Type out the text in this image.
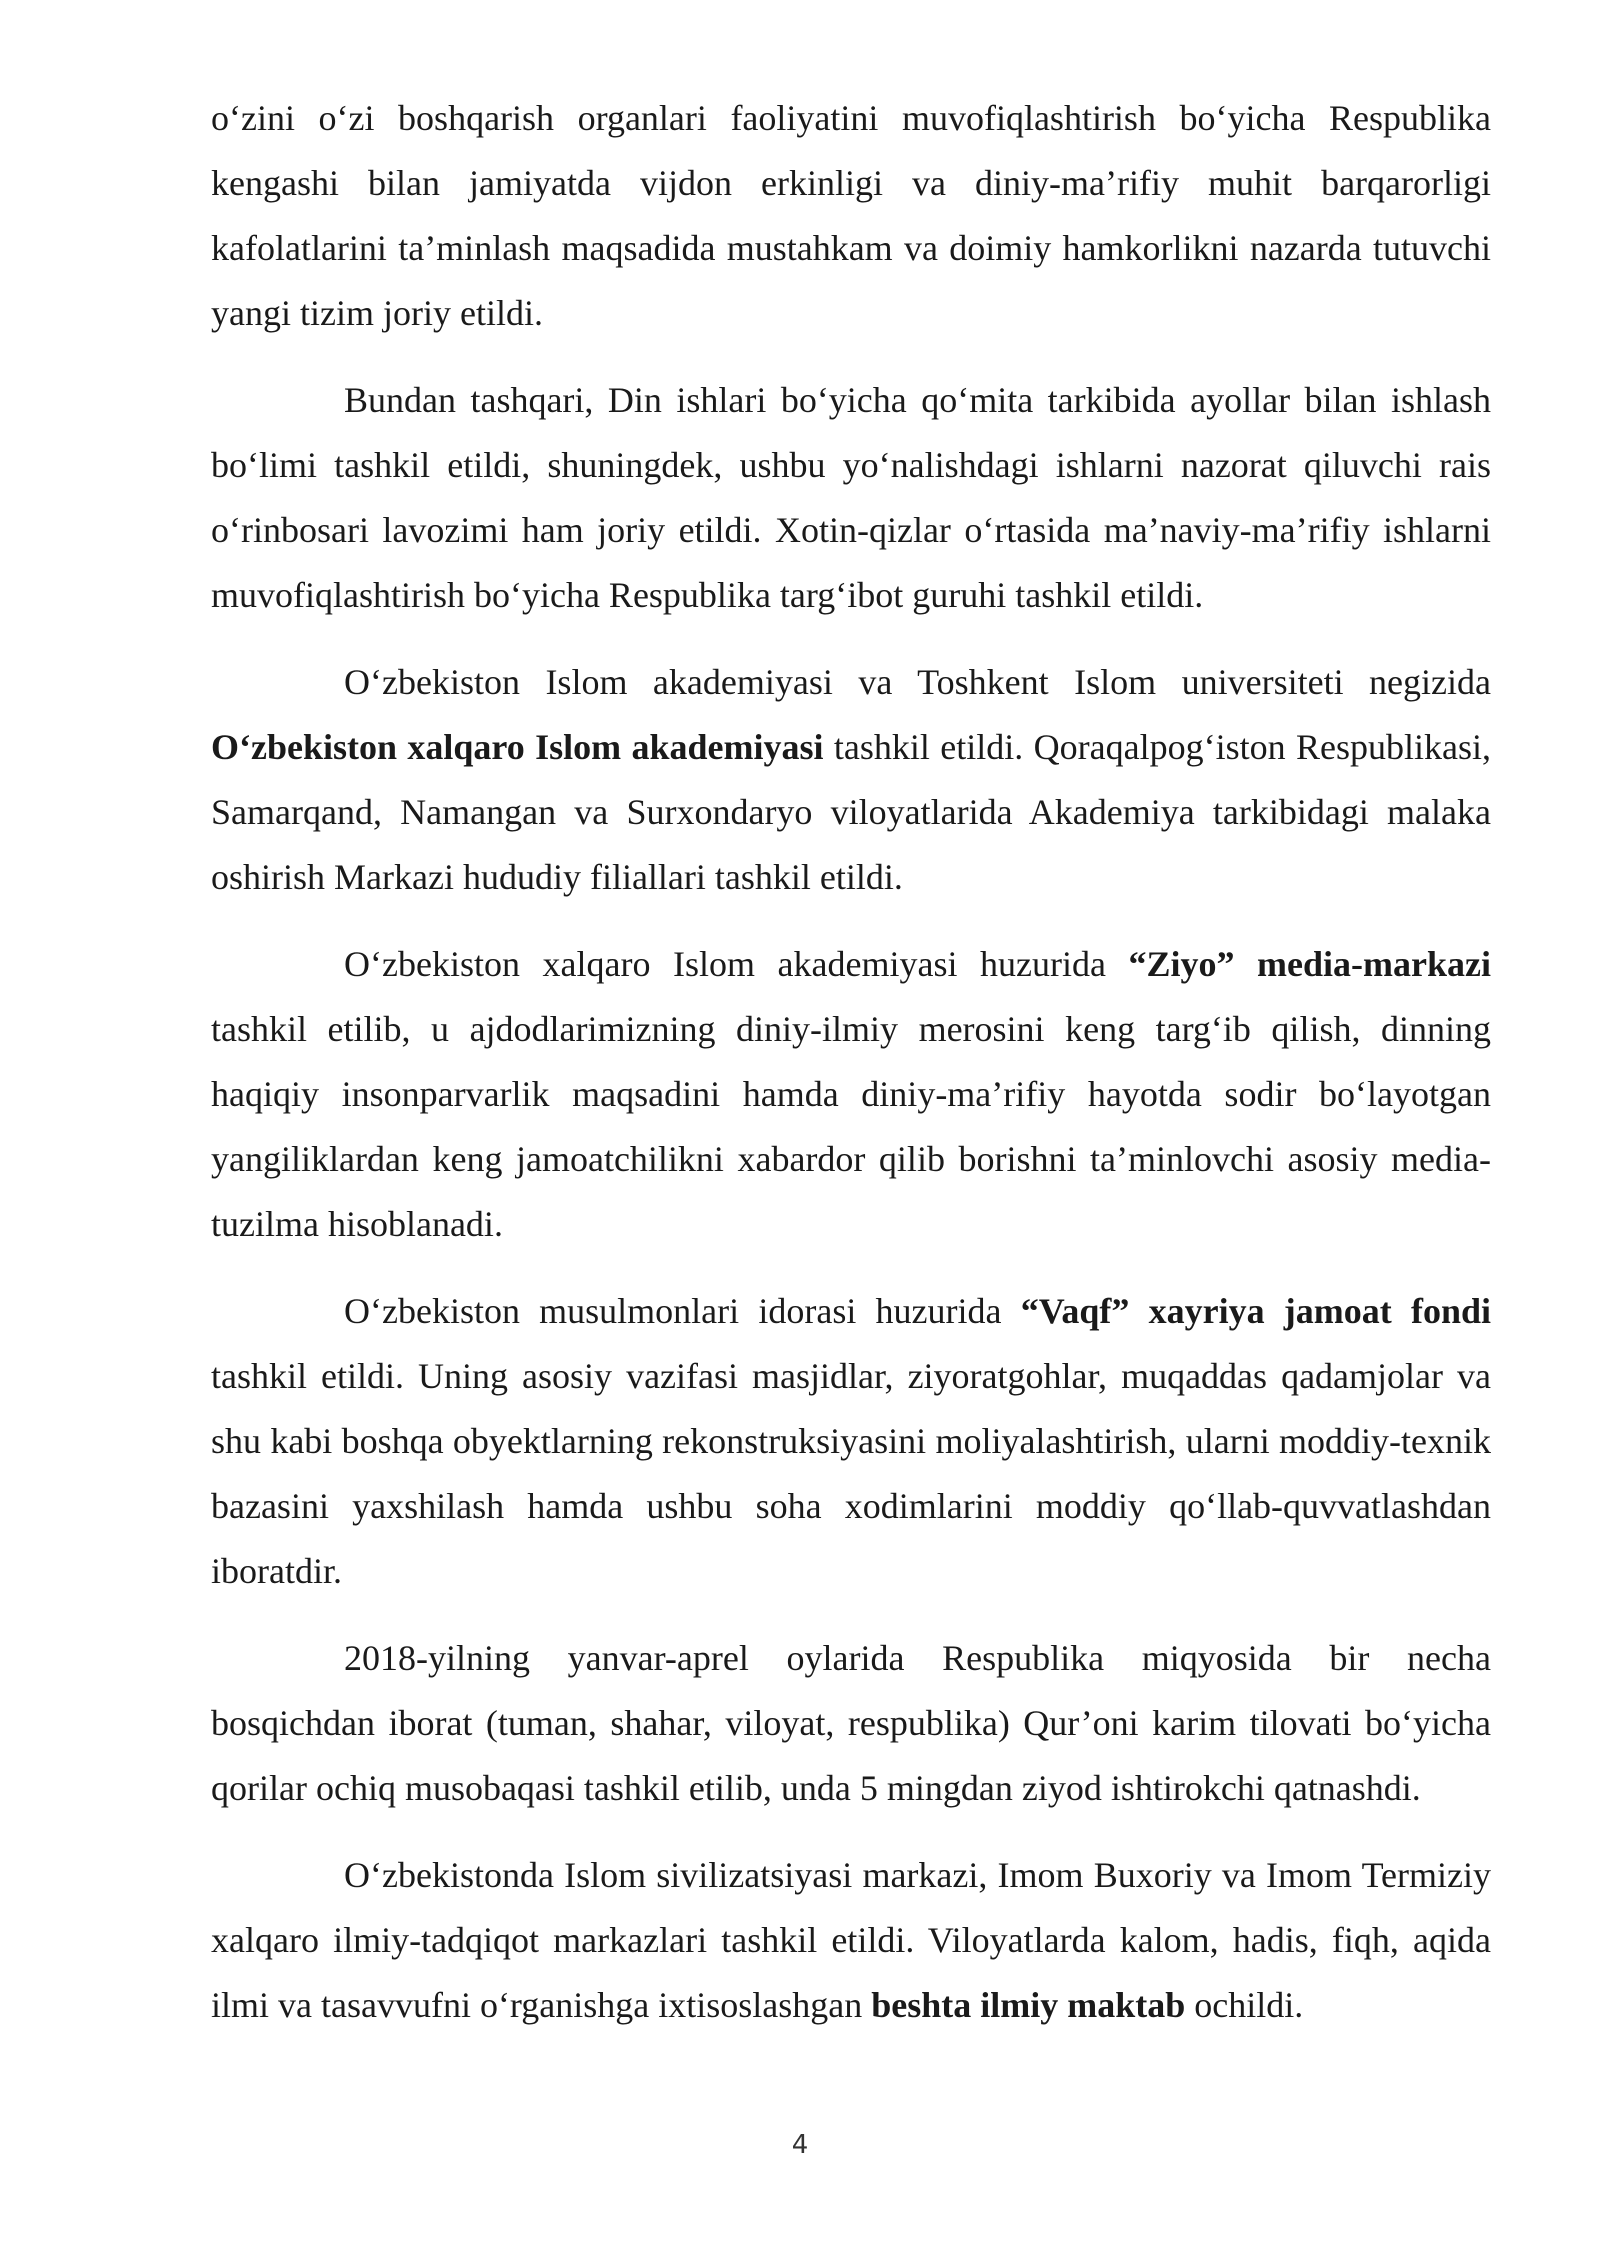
o‘zini o‘zi boshqarish organlari faoliyatini muvofiqlashtirish bo‘yicha Respublika kengashi bilan jamiyatda vijdon erkinligi va diniy-ma’rifiy muhit barqarorligi kafolatlarini ta’minlash maqsadida mustahkam va doimiy hamkorlikni nazarda tutuvchi yangi tizim joriy etildi.

Bundan tashqari, Din ishlari bo‘yicha qo‘mita tarkibida ayollar bilan ishlash bo‘limi tashkil etildi, shuningdek, ushbu yo‘nalishdagi ishlarni nazorat qiluvchi rais o‘rinbosari lavozimi ham joriy etildi. Xotin-qizlar o‘rtasida ma’naviy-ma’rifiy ishlarni muvofiqlashtirish bo‘yicha Respublika targ‘ibot guruhi tashkil etildi.

O‘zbekiston Islom akademiyasi va Toshkent Islom universiteti negizida O‘zbekiston xalqaro Islom akademiyasi tashkil etildi. Qoraqalpog‘iston Respublikasi, Samarqand, Namangan va Surxondaryo viloyatlarida Akademiya tarkibidagi malaka oshirish Markazi hududiy filiallari tashkil etildi.

O‘zbekiston xalqaro Islom akademiyasi huzurida “Ziyo” media-markazi tashkil etilib, u ajdodlarimizning diniy-ilmiy merosini keng targ‘ib qilish, dinning haqiqiy insonparvarlik maqsadini hamda diniy-ma’rifiy hayotda sodir bo‘layotgan yangiliklardan keng jamoatchilikni xabardor qilib borishni ta’minlovchi asosiy media-tuzilma hisoblanadi.

O‘zbekiston musulmonlari idorasi huzurida “Vaqf” xayriya jamoat fondi tashkil etildi. Uning asosiy vazifasi masjidlar, ziyoratgohlar, muqaddas qadamjolar va shu kabi boshqa obyektlarning rekonstruksiyasini moliyalashtirish, ularni moddiy-texnik bazasini yaxshilash hamda ushbu soha xodimlarini moddiy qo‘llab-quvvatlashdan iboratdir.

2018-yilning yanvar-aprel oylarida Respublika miqyosida bir necha bosqichdan iborat (tuman, shahar, viloyat, respublika) Qur’oni karim tilovati bo‘yicha qorilar ochiq musobaqasi tashkil etilib, unda 5 mingdan ziyod ishtirokchi qatnashdi.

O‘zbekistonda Islom sivilizatsiyasi markazi, Imom Buxoriy va Imom Termiziy xalqaro ilmiy-tadqiqot markazlari tashkil etildi. Viloyatlarda kalom, hadis, fiqh, aqida ilmi va tasavvufni o‘rganishga ixtisoslashgan beshta ilmiy maktab ochildi.

4
